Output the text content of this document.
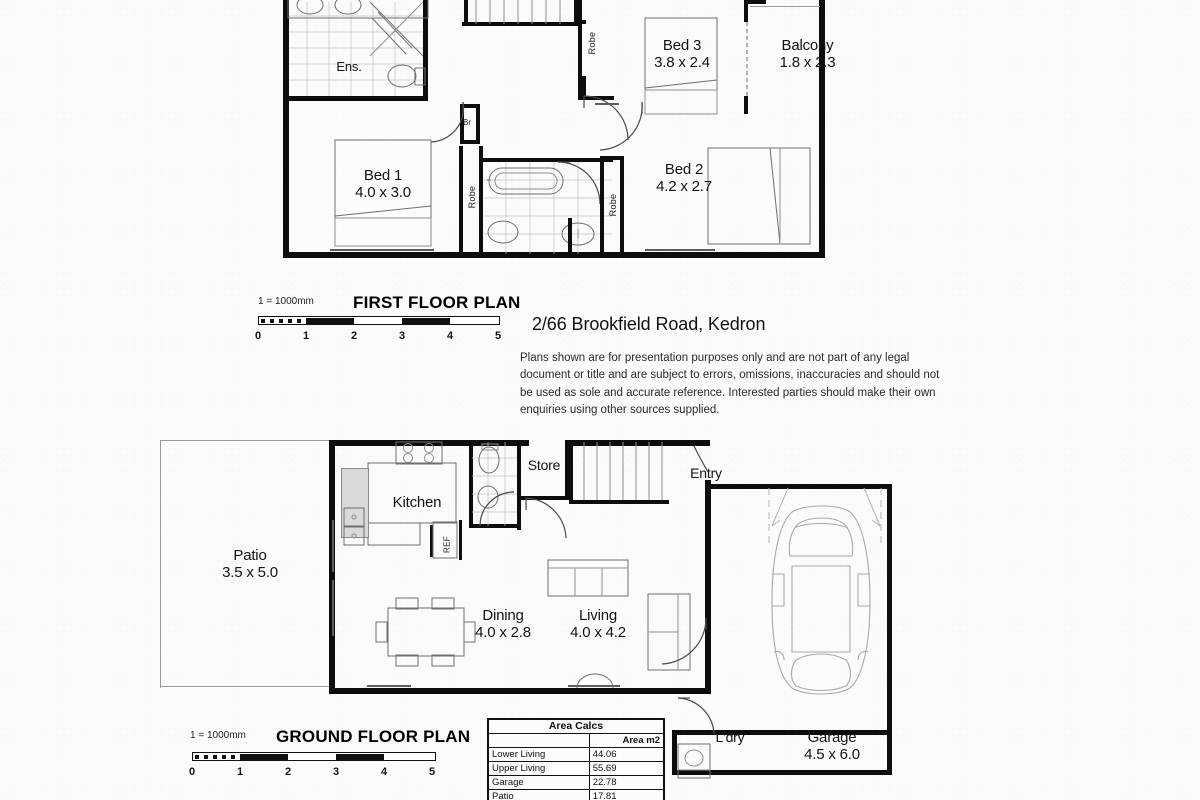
Ens.
Br
Robe	Robe
Bed 1
4.0 x 3.0
Robe	Bed 3
3.8 x 2.4
Balcony
1.8 x 2.3
Bed 2
4.2 x 2.7
1 = 1000mm FIRST FLOOR PLAN
0	1	2	3	4	5
2/66 Brookfield Road, Kedron
Plans shown are for presentation purposes only and are not part of any legal document or title and are subject to errors, omissions, inaccuracies and should not be used as sole and accurate reference. Interested parties should make their own enquiries using other sources supplied.
Patio
3.5 x 5.0
Kitchen
REF
Store	Entry
Dining
4.0 x 2.8
Living
4.0 x 4.2
Garage
4.5 x 6.0
L'dry
1 = 1000mm GROUND FLOOR PLAN
0	1	2	3	4	5
Area Calcs	
	Area m2
Lower Living	44.06
Upper Living	55.69
Garage	22.78
Patio	17.81
